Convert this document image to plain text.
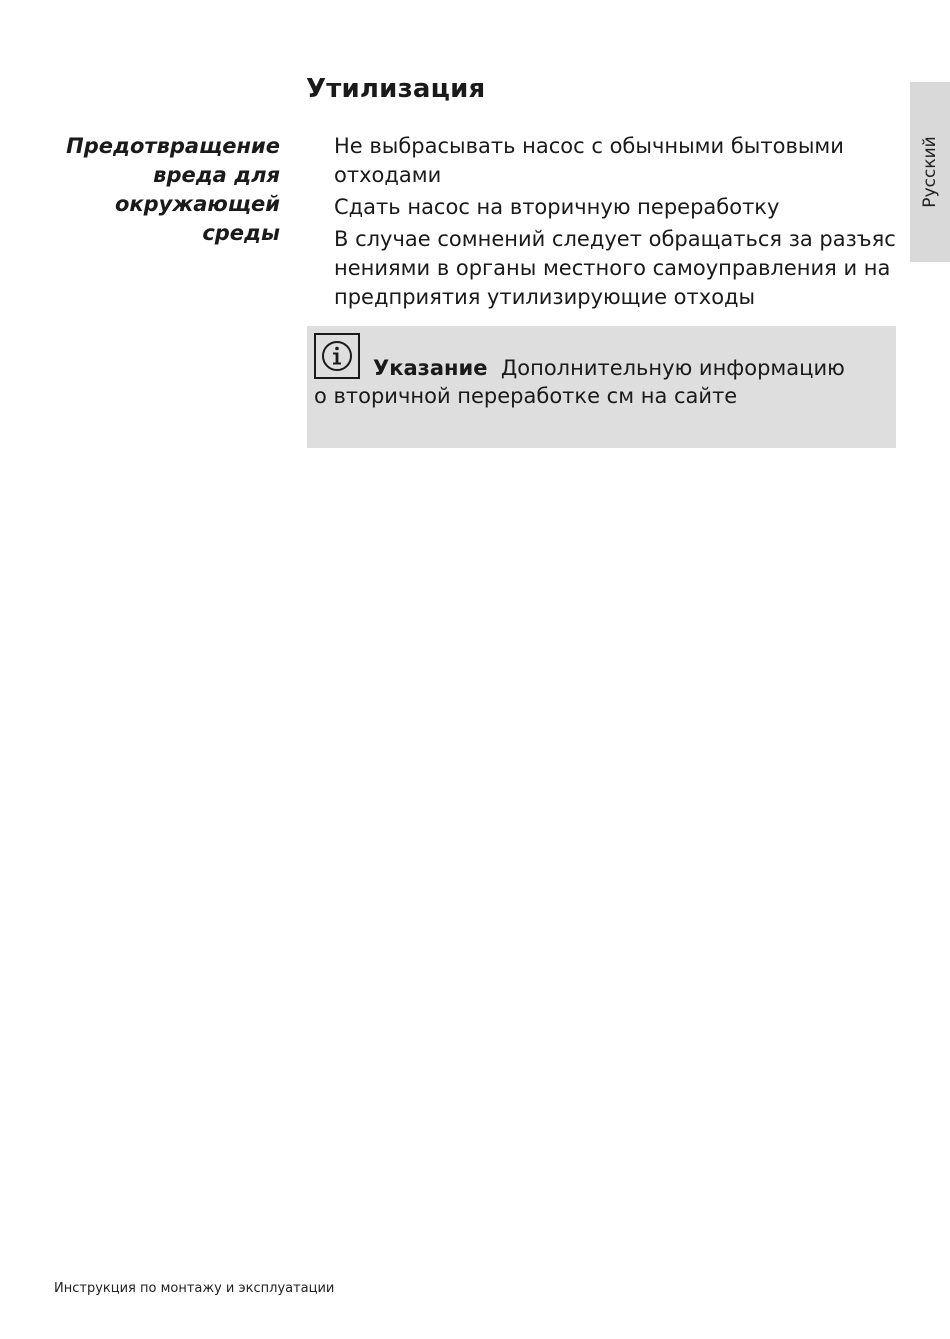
Русский
Утилизация
Предотвращение
вреда для
окружающей
среды
Не выбрасывать насос с обычными бытовыми
отходами
Сдать насос на вторичную переработку
В случае сомнений следует обращаться за разъяс
нениями в органы местного самоуправления и на
предприятия утилизирующие отходы
Указание Дополнительную информацию
о вторичной переработке см на сайте
Инструкция по монтажу и эксплуатации
